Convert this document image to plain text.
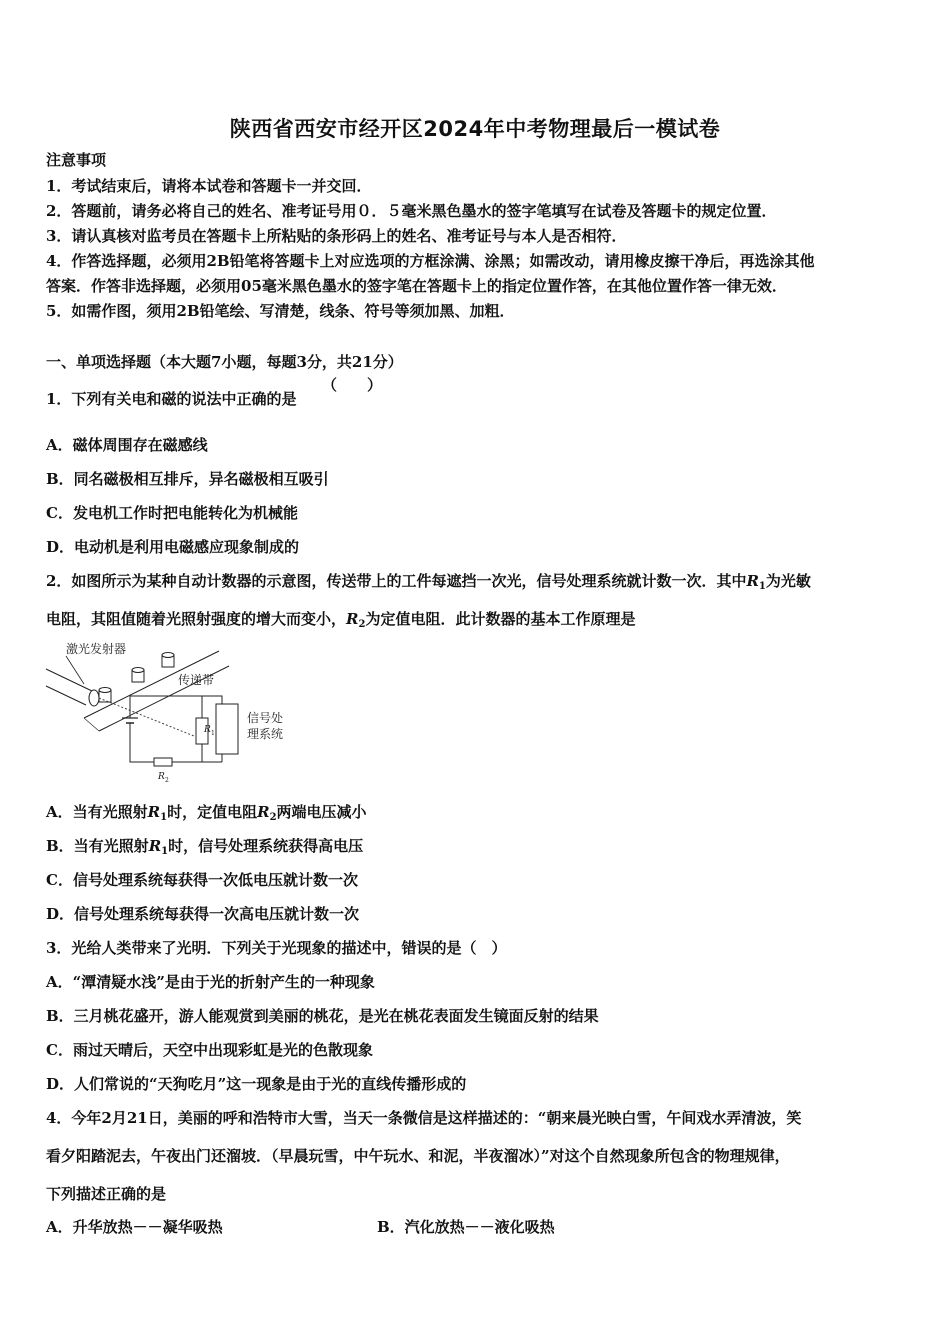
陕西省西安市经开区2024年中考物理最后一模试卷
注意事项
1．考试结束后，请将本试卷和答题卡一并交回．
2．答题前，请务必将自己的姓名、准考证号用０．５毫米黑色墨水的签字笔填写在试卷及答题卡的规定位置．
3．请认真核对监考员在答题卡上所粘贴的条形码上的姓名、准考证号与本人是否相符．
4．作答选择题，必须用2B铅笔将答题卡上对应选项的方框涂满、涂黑；如需改动，请用橡皮擦干净后，再选涂其他
答案．作答非选择题，必须用05毫米黑色墨水的签字笔在答题卡上的指定位置作答，在其他位置作答一律无效．
5．如需作图，须用2B铅笔绘、写清楚，线条、符号等须加黑、加粗．
一、单项选择题（本大题7小题，每题3分，共21分）
1．下列有关电和磁的说法中正确的是
（　　）
A．磁体周围存在磁感线
B．同名磁极相互排斥，异名磁极相互吸引
C．发电机工作时把电能转化为机械能
D．电动机是利用电磁感应现象制成的
2．如图所示为某种自动计数器的示意图，传送带上的工件每遮挡一次光，信号处理系统就计数一次．其中$R_1$为光敏
电阻，其阻值随着光照射强度的增大而变小，$R_2$为定值电阻．此计数器的基本工作原理是
激光发射器
传递带
R 1
R 2
信号处
理系统
A．当有光照射$R_1$时，定值电阻$R_2$两端电压减小
B．当有光照射$R_1$时，信号处理系统获得高电压
C．信号处理系统每获得一次低电压就计数一次
D．信号处理系统每获得一次高电压就计数一次
3．光给人类带来了光明．下列关于光现象的描述中，错误的是（　）
A．“潭清疑水浅”是由于光的折射产生的一种现象
B．三月桃花盛开，游人能观赏到美丽的桃花，是光在桃花表面发生镜面反射的结果
C．雨过天晴后，天空中出现彩虹是光的色散现象
D．人们常说的“天狗吃月”这一现象是由于光的直线传播形成的
4．今年2月21日，美丽的呼和浩特市大雪，当天一条微信是这样描述的：“朝来晨光映白雪，午间戏水弄清波，笑
看夕阳踏泥去，午夜出门还溜坡．（早晨玩雪，中午玩水、和泥，半夜溜冰）”对这个自然现象所包含的物理规律，
下列描述正确的是
A．升华放热－－凝华吸热	B．汽化放热－－液化吸热
